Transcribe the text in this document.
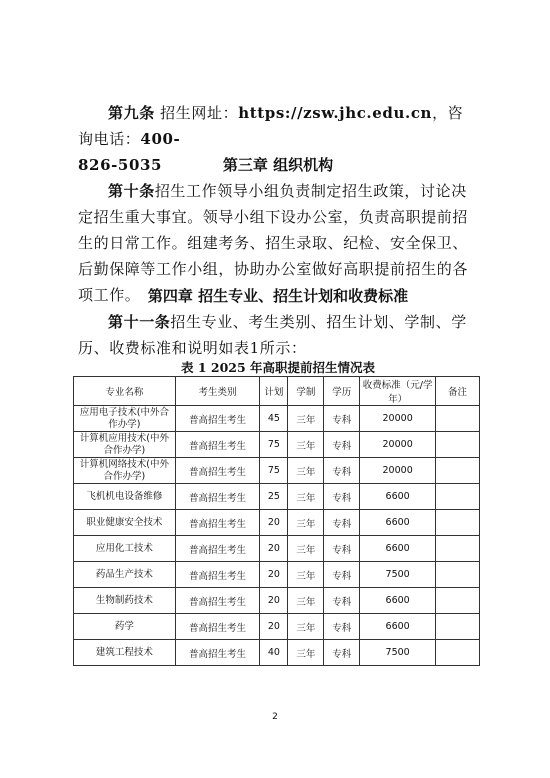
第九条 招生网址：https://zsw.jhc.edu.cn，咨询电话：400-
826-5035	第三章 组织机构
第十条招生工作领导小组负责制定招生政策，讨论决定招生重大事宜。领导小组下设办公室，负责高职提前招生的日常工作。组建考务、招生录取、纪检、安全保卫、后勤保障等工作小组，协助办公室做好高职提前招生的各项工作。 第四章 招生专业、招生计划和收费标准
第十一条招生专业、考生类别、招生计划、学制、学历、收费标准和说明如表1所示：
表 1 2025 年高职提前招生情况表
专业名称	考生类别	计划	学制	学历	收费标准（元/学年）	备注
应用电子技术(中外合作办学)	普高招生考生	45	三年	专科	20000	
计算机应用技术(中外合作办学)	普高招生考生	75	三年	专科	20000	
计算机网络技术(中外合作办学)	普高招生考生	75	三年	专科	20000	
飞机机电设备维修	普高招生考生	25	三年	专科	6600	
职业健康安全技术	普高招生考生	20	三年	专科	6600	
应用化工技术	普高招生考生	20	三年	专科	6600	
药品生产技术	普高招生考生	20	三年	专科	7500	
生物制药技术	普高招生考生	20	三年	专科	6600	
药学	普高招生考生	20	三年	专科	6600	
建筑工程技术	普高招生考生	40	三年	专科	7500	
2
